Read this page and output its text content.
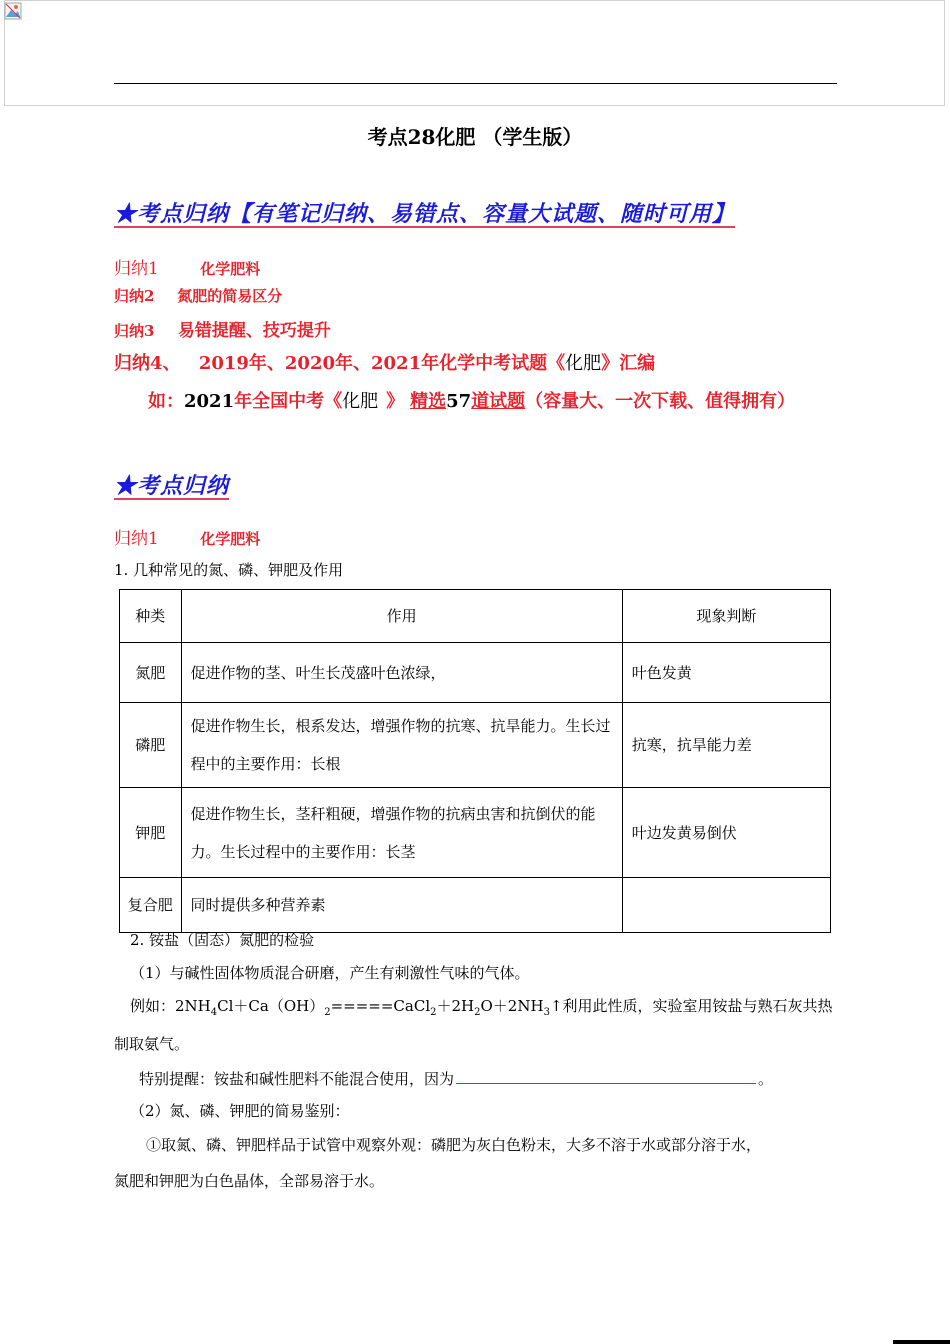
考点28化肥 （学生版）
★考点归纳【有笔记归纳、易错点、容量大试题、随时可用】
归纳1	化学肥料
归纳2 氮肥的简易区分
归纳3 易错提醒、技巧提升
归纳4、 2019年、2020年、2021年化学中考试题《化肥》汇编
如：2021年全国中考《化肥 》 精选57道试题（容量大、一次下载、值得拥有）
★考点归纳
归纳1	化学肥料
1. 几种常见的氮、磷、钾肥及作用
种类	作用	现象判断
氮肥	促进作物的茎、叶生长茂盛叶色浓绿，	叶色发黄
磷肥	促进作物生长，根系发达，增强作物的抗寒、抗旱能力。生长过程中的主要作用：长根	抗寒，抗旱能力差
钾肥	促进作物生长，茎秆粗硬，增强作物的抗病虫害和抗倒伏的能力。生长过程中的主要作用：长茎	叶边发黄易倒伏
复合肥	同时提供多种营养素	
2. 铵盐（固态）氮肥的检验
（1）与碱性固体物质混合研磨，产生有刺激性气味的气体。
例如：$2NH_4Cl+Ca(OH)_2=====CaCl_2+2H_2O+2NH_3↑$利用此性质，实验室用铵盐与熟石灰共热
制取氨气。
特别提醒：铵盐和碱性肥料不能混合使用，因为	。
（2）氮、磷、钾肥的简易鉴别：
①取氮、磷、钾肥样品于试管中观察外观：磷肥为灰白色粉末，大多不溶于水或部分溶于水，
氮肥和钾肥为白色晶体，全部易溶于水。
